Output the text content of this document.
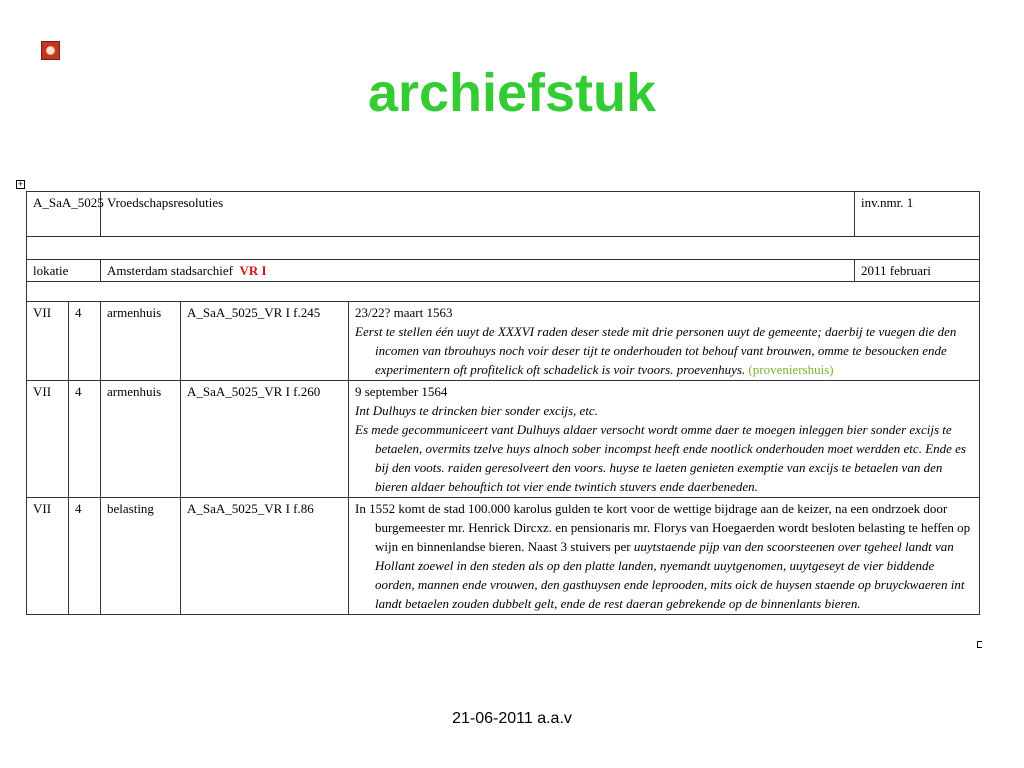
archiefstuk
+
A_SaA_5025		Vroedschapsresoluties			inv.nmr. 1

lokatie		Amsterdam stadsarchief VR I			2011 februari

VII	4	armenhuis	A_SaA_5025_VR I f.245	23/22? maart 1563
Eerst te stellen één uuyt de XXXVI raden deser stede mit drie personen uuyt de gemeente; daerbij te vuegen die den incomen van tbrouhuys noch voir deser tijt te onderhouden tot behouf vant brouwen, omme te besoucken ende experimentern oft profitelick oft schadelick is voir tvoors. proevenhuys. (proveniershuis)	

VII	4	armenhuis	A_SaA_5025_VR I f.260	9 september 1564
Int Dulhuys te drincken bier sonder excijs, etc.
Es mede gecommuniceert vant Dulhuys aldaer versocht wordt omme daer te moegen inleggen bier sonder excijs te betaelen, overmits tzelve huys alnoch sober incompst heeft ende nootlick onderhouden moet werdden etc. Ende es bij den voots. raiden geresolveert den voors. huyse te laeten genieten exemptie van excijs te betaelen van den bieren aldaer behouftich tot vier ende twintich stuvers ende daerbeneden.	

VII	4	belasting	A_SaA_5025_VR I f.86	In 1552 komt de stad 100.000 karolus gulden te kort voor de wettige bijdrage aan de keizer, na een ondrzoek door burgemeester mr. Henrick Dircxz. en pensionaris mr. Florys van Hoegaerden wordt besloten belasting te heffen op wijn en binnenlandse bieren. Naast 3 stuivers per uuytstaende pijp van den scoorsteenen over tgeheel landt van Hollant zoewel in den steden als op den platte landen, nyemandt uuytgenomen, uuytgeseyt de vier biddende oorden, mannen ende vrouwen, den gasthuysen ende leprooden, mits oick de huysen staende op bruyckwaeren int landt betaelen zouden dubbelt gelt, ende de rest daeran gebrekende op de binnenlants bieren.	
21-06-2011 a.a.v
